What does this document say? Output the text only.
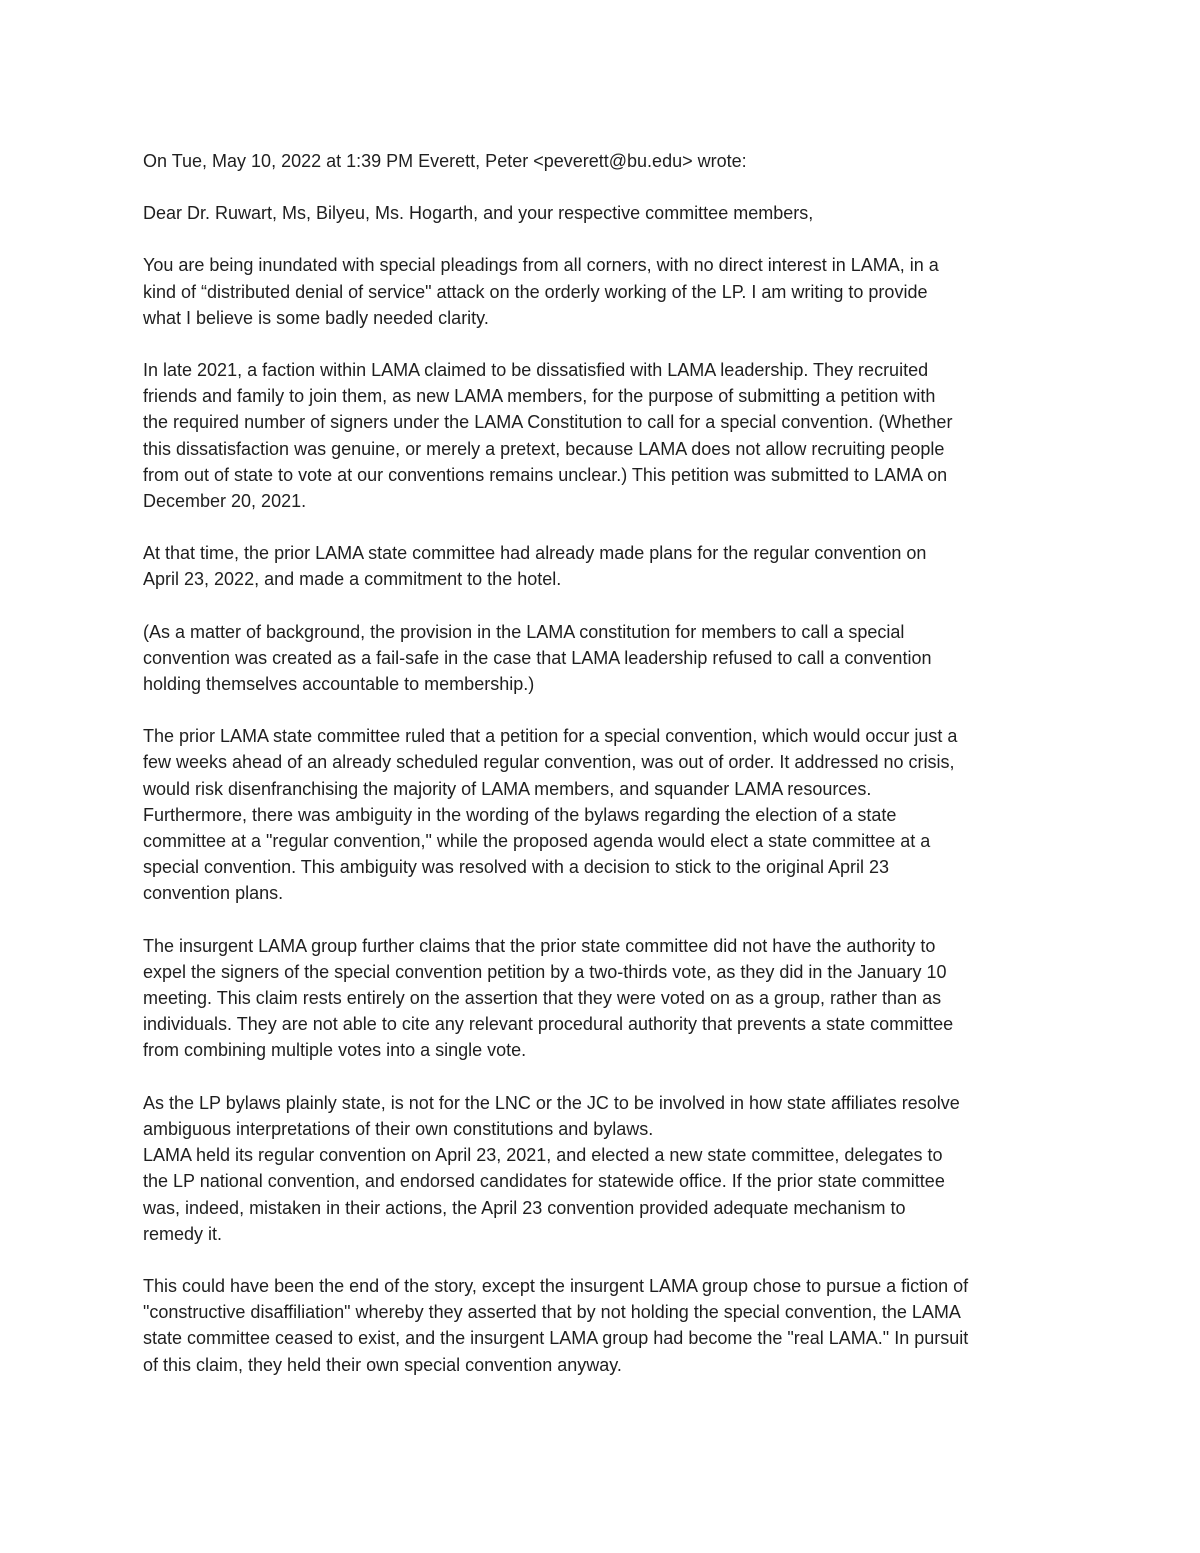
On Tue, May 10, 2022 at 1:39 PM Everett, Peter <peverett@bu.edu> wrote:

Dear Dr. Ruwart, Ms, Bilyeu, Ms. Hogarth, and your respective committee members,

You are being inundated with special pleadings from all corners, with no direct interest in LAMA, in a
kind of “distributed denial of service" attack on the orderly working of the LP. I am writing to provide
what I believe is some badly needed clarity.

In late 2021, a faction within LAMA claimed to be dissatisfied with LAMA leadership. They recruited
friends and family to join them, as new LAMA members, for the purpose of submitting a petition with
the required number of signers under the LAMA Constitution to call for a special convention. (Whether
this dissatisfaction was genuine, or merely a pretext, because LAMA does not allow recruiting people
from out of state to vote at our conventions remains unclear.) This petition was submitted to LAMA on
December 20, 2021.

At that time, the prior LAMA state committee had already made plans for the regular convention on
April 23, 2022, and made a commitment to the hotel.

(As a matter of background, the provision in the LAMA constitution for members to call a special
convention was created as a fail-safe in the case that LAMA leadership refused to call a convention
holding themselves accountable to membership.)

The prior LAMA state committee ruled that a petition for a special convention, which would occur just a
few weeks ahead of an already scheduled regular convention, was out of order. It addressed no crisis,
would risk disenfranchising the majority of LAMA members, and squander LAMA resources.
Furthermore, there was ambiguity in the wording of the bylaws regarding the election of a state
committee at a "regular convention," while the proposed agenda would elect a state committee at a
special convention. This ambiguity was resolved with a decision to stick to the original April 23
convention plans.

The insurgent LAMA group further claims that the prior state committee did not have the authority to
expel the signers of the special convention petition by a two-thirds vote, as they did in the January 10
meeting. This claim rests entirely on the assertion that they were voted on as a group, rather than as
individuals. They are not able to cite any relevant procedural authority that prevents a state committee
from combining multiple votes into a single vote.

As the LP bylaws plainly state, is not for the LNC or the JC to be involved in how state affiliates resolve
ambiguous interpretations of their own constitutions and bylaws.

LAMA held its regular convention on April 23, 2021, and elected a new state committee, delegates to
the LP national convention, and endorsed candidates for statewide office. If the prior state committee
was, indeed, mistaken in their actions, the April 23 convention provided adequate mechanism to
remedy it.

This could have been the end of the story, except the insurgent LAMA group chose to pursue a fiction of
"constructive disaffiliation" whereby they asserted that by not holding the special convention, the LAMA
state committee ceased to exist, and the insurgent LAMA group had become the "real LAMA." In pursuit
of this claim, they held their own special convention anyway.
